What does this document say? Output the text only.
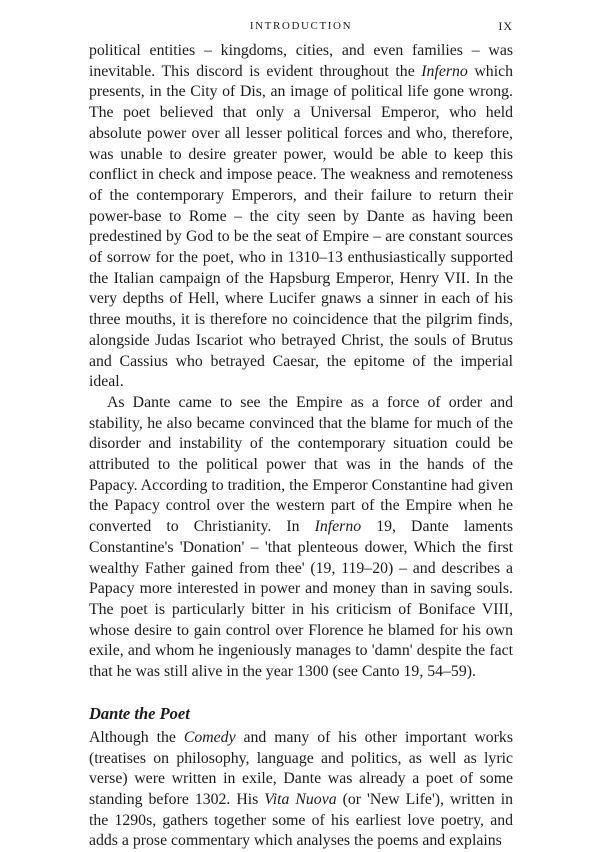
INTRODUCTION	IX

political entities – kingdoms, cities, and even families – was inevitable. This discord is evident throughout the Inferno which presents, in the City of Dis, an image of political life gone wrong. The poet believed that only a Universal Emperor, who held absolute power over all lesser political forces and who, therefore, was unable to desire greater power, would be able to keep this conflict in check and impose peace. The weakness and remoteness of the contemporary Emperors, and their failure to return their power-base to Rome – the city seen by Dante as having been predestined by God to be the seat of Empire – are constant sources of sorrow for the poet, who in 1310–13 enthusiastically supported the Italian campaign of the Hapsburg Emperor, Henry VII. In the very depths of Hell, where Lucifer gnaws a sinner in each of his three mouths, it is therefore no coincidence that the pilgrim finds, alongside Judas Iscariot who betrayed Christ, the souls of Brutus and Cassius who betrayed Caesar, the epitome of the imperial ideal.

As Dante came to see the Empire as a force of order and stability, he also became convinced that the blame for much of the disorder and instability of the contemporary situation could be attributed to the political power that was in the hands of the Papacy. According to tradition, the Emperor Constantine had given the Papacy control over the western part of the Empire when he converted to Christianity. In Inferno 19, Dante laments Constantine's 'Donation' – 'that plenteous dower, Which the first wealthy Father gained from thee' (19, 119–20) – and describes a Papacy more interested in power and money than in saving souls. The poet is particularly bitter in his criticism of Boniface VIII, whose desire to gain control over Florence he blamed for his own exile, and whom he ingeniously manages to 'damn' despite the fact that he was still alive in the year 1300 (see Canto 19, 54–59).

Dante the Poet

Although the Comedy and many of his other important works (treatises on philosophy, language and politics, as well as lyric verse) were written in exile, Dante was already a poet of some standing before 1302. His Vita Nuova (or 'New Life'), written in the 1290s, gathers together some of his earliest love poetry, and adds a prose commentary which analyses the poems and explains
